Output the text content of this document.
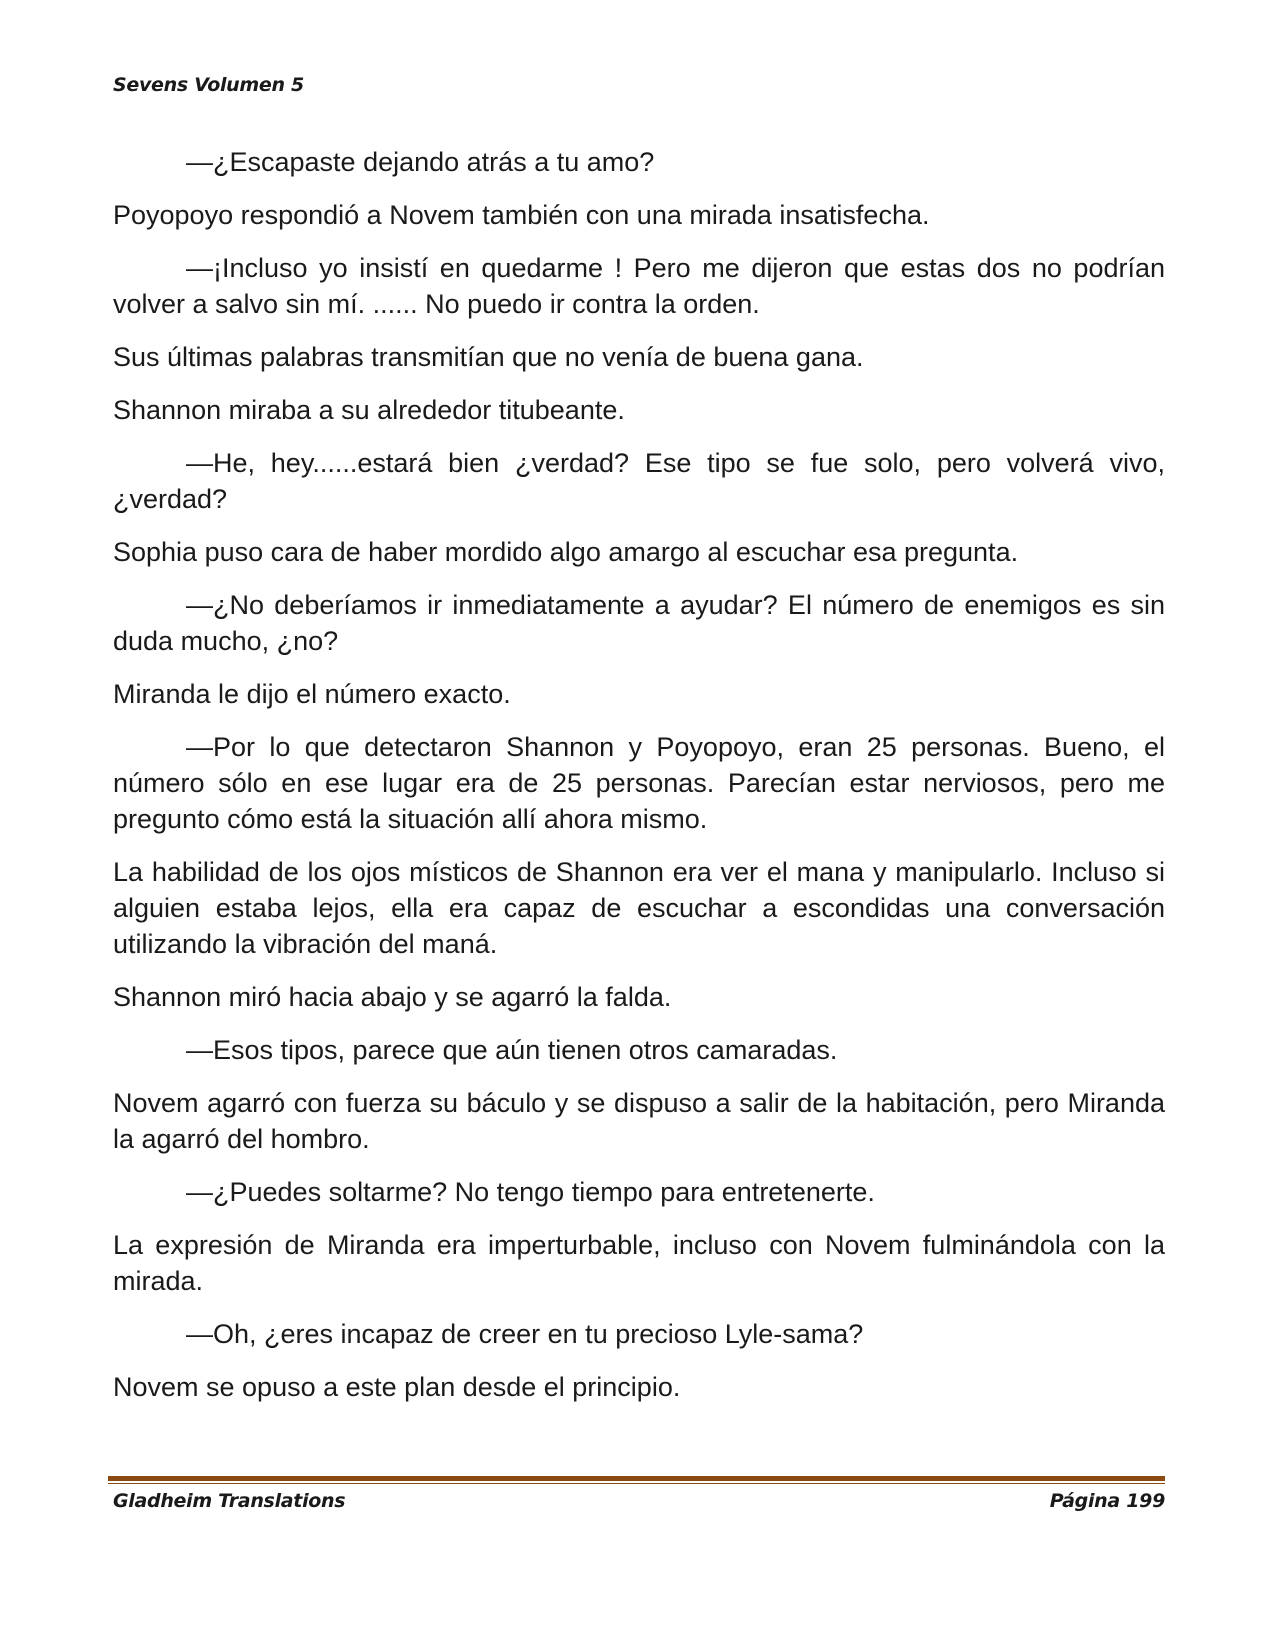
Sevens Volumen 5

—¿Escapaste dejando atrás a tu amo?

Poyopoyo respondió a Novem también con una mirada insatisfecha.

—¡Incluso yo insistí en quedarme ! Pero me dijeron que estas dos no podrían volver a salvo sin mí. ...... No puedo ir contra la orden.

Sus últimas palabras transmitían que no venía de buena gana.

Shannon miraba a su alrededor titubeante.

—He, hey......estará bien ¿verdad? Ese tipo se fue solo, pero volverá vivo, ¿verdad?

Sophia puso cara de haber mordido algo amargo al escuchar esa pregunta.

—¿No deberíamos ir inmediatamente a ayudar? El número de enemigos es sin duda mucho, ¿no?

Miranda le dijo el número exacto.

—Por lo que detectaron Shannon y Poyopoyo, eran 25 personas. Bueno, el número sólo en ese lugar era de 25 personas. Parecían estar nerviosos, pero me pregunto cómo está la situación allí ahora mismo.

La habilidad de los ojos místicos de Shannon era ver el mana y manipularlo. Incluso si alguien estaba lejos, ella era capaz de escuchar a escondidas una conversación utilizando la vibración del maná.

Shannon miró hacia abajo y se agarró la falda.

—Esos tipos, parece que aún tienen otros camaradas.

Novem agarró con fuerza su báculo y se dispuso a salir de la habitación, pero Miranda la agarró del hombro.

—¿Puedes soltarme? No tengo tiempo para entretenerte.

La expresión de Miranda era imperturbable, incluso con Novem fulminándola con la mirada.

—Oh, ¿eres incapaz de creer en tu precioso Lyle-sama?

Novem se opuso a este plan desde el principio.

Gladheim Translations	Página 199
